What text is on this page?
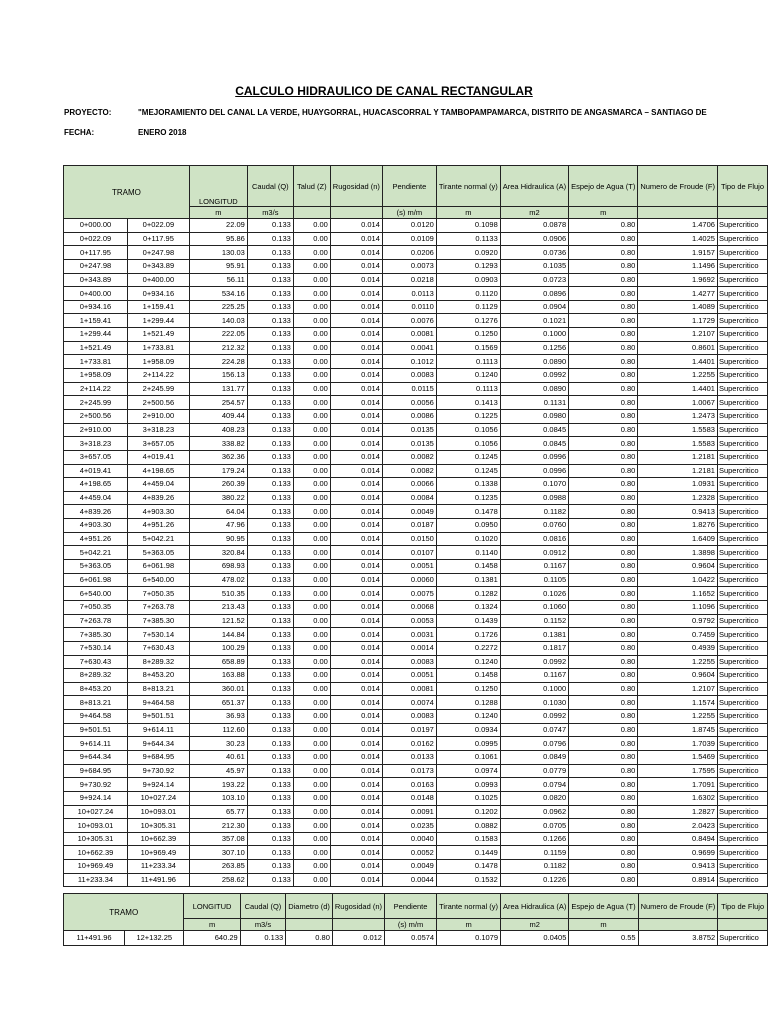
CALCULO HIDRAULICO DE CANAL RECTANGULAR
PROYECTO:	"MEJORAMIENTO DEL CANAL LA VERDE, HUAYGORRAL, HUACASCORRAL Y TAMBOPAMPAMARCA, DISTRITO DE ANGASMARCA – SANTIAGO DE
FECHA:	ENERO 2018
TRAMO		LONGITUD	Caudal (Q)	Talud (Z)	Rugosidad (n)	Pendiente	Tirante normal (y)	Area Hidraulica (A)	Espejo de Agua (T)	Numero de Froude (F)	Tipo de Flujo
		m	m3/s			(s) m/m	m	m2	m		
0+000.00	0+022.09	22.09	0.133	0.00	0.014	0.0120	0.1098	0.0878	0.80	1.4706	Supercritico
0+022.09	0+117.95	95.86	0.133	0.00	0.014	0.0109	0.1133	0.0906	0.80	1.4025	Supercritico
0+117.95	0+247.98	130.03	0.133	0.00	0.014	0.0206	0.0920	0.0736	0.80	1.9157	Supercritico
0+247.98	0+343.89	95.91	0.133	0.00	0.014	0.0073	0.1293	0.1035	0.80	1.1496	Supercritico
0+343.89	0+400.00	56.11	0.133	0.00	0.014	0.0218	0.0903	0.0723	0.80	1.9692	Supercritico
0+400.00	0+934.16	534.16	0.133	0.00	0.014	0.0113	0.1120	0.0896	0.80	1.4277	Supercritico
0+934.16	1+159.41	225.25	0.133	0.00	0.014	0.0110	0.1129	0.0904	0.80	1.4089	Supercritico
1+159.41	1+299.44	140.03	0.133	0.00	0.014	0.0076	0.1276	0.1021	0.80	1.1729	Supercritico
1+299.44	1+521.49	222.05	0.133	0.00	0.014	0.0081	0.1250	0.1000	0.80	1.2107	Supercritico
1+521.49	1+733.81	212.32	0.133	0.00	0.014	0.0041	0.1569	0.1256	0.80	0.8601	Supercritico
1+733.81	1+958.09	224.28	0.133	0.00	0.014	0.1012	0.1113	0.0890	0.80	1.4401	Supercritico
1+958.09	2+114.22	156.13	0.133	0.00	0.014	0.0083	0.1240	0.0992	0.80	1.2255	Supercritico
2+114.22	2+245.99	131.77	0.133	0.00	0.014	0.0115	0.1113	0.0890	0.80	1.4401	Supercritico
2+245.99	2+500.56	254.57	0.133	0.00	0.014	0.0056	0.1413	0.1131	0.80	1.0067	Supercritico
2+500.56	2+910.00	409.44	0.133	0.00	0.014	0.0086	0.1225	0.0980	0.80	1.2473	Supercritico
2+910.00	3+318.23	408.23	0.133	0.00	0.014	0.0135	0.1056	0.0845	0.80	1.5583	Supercritico
3+318.23	3+657.05	338.82	0.133	0.00	0.014	0.0135	0.1056	0.0845	0.80	1.5583	Supercritico
3+657.05	4+019.41	362.36	0.133	0.00	0.014	0.0082	0.1245	0.0996	0.80	1.2181	Supercritico
4+019.41	4+198.65	179.24	0.133	0.00	0.014	0.0082	0.1245	0.0996	0.80	1.2181	Supercritico
4+198.65	4+459.04	260.39	0.133	0.00	0.014	0.0066	0.1338	0.1070	0.80	1.0931	Supercritico
4+459.04	4+839.26	380.22	0.133	0.00	0.014	0.0084	0.1235	0.0988	0.80	1.2328	Supercritico
4+839.26	4+903.30	64.04	0.133	0.00	0.014	0.0049	0.1478	0.1182	0.80	0.9413	Supercritico
4+903.30	4+951.26	47.96	0.133	0.00	0.014	0.0187	0.0950	0.0760	0.80	1.8276	Supercritico
4+951.26	5+042.21	90.95	0.133	0.00	0.014	0.0150	0.1020	0.0816	0.80	1.6409	Supercritico
5+042.21	5+363.05	320.84	0.133	0.00	0.014	0.0107	0.1140	0.0912	0.80	1.3898	Supercritico
5+363.05	6+061.98	698.93	0.133	0.00	0.014	0.0051	0.1458	0.1167	0.80	0.9604	Supercritico
6+061.98	6+540.00	478.02	0.133	0.00	0.014	0.0060	0.1381	0.1105	0.80	1.0422	Supercritico
6+540.00	7+050.35	510.35	0.133	0.00	0.014	0.0075	0.1282	0.1026	0.80	1.1652	Supercritico
7+050.35	7+263.78	213.43	0.133	0.00	0.014	0.0068	0.1324	0.1060	0.80	1.1096	Supercritico
7+263.78	7+385.30	121.52	0.133	0.00	0.014	0.0053	0.1439	0.1152	0.80	0.9792	Supercritico
7+385.30	7+530.14	144.84	0.133	0.00	0.014	0.0031	0.1726	0.1381	0.80	0.7459	Supercritico
7+530.14	7+630.43	100.29	0.133	0.00	0.014	0.0014	0.2272	0.1817	0.80	0.4939	Supercritico
7+630.43	8+289.32	658.89	0.133	0.00	0.014	0.0083	0.1240	0.0992	0.80	1.2255	Supercritico
8+289.32	8+453.20	163.88	0.133	0.00	0.014	0.0051	0.1458	0.1167	0.80	0.9604	Supercritico
8+453.20	8+813.21	360.01	0.133	0.00	0.014	0.0081	0.1250	0.1000	0.80	1.2107	Supercritico
8+813.21	9+464.58	651.37	0.133	0.00	0.014	0.0074	0.1288	0.1030	0.80	1.1574	Supercritico
9+464.58	9+501.51	36.93	0.133	0.00	0.014	0.0083	0.1240	0.0992	0.80	1.2255	Supercritico
9+501.51	9+614.11	112.60	0.133	0.00	0.014	0.0197	0.0934	0.0747	0.80	1.8745	Supercritico
9+614.11	9+644.34	30.23	0.133	0.00	0.014	0.0162	0.0995	0.0796	0.80	1.7039	Supercritico
9+644.34	9+684.95	40.61	0.133	0.00	0.014	0.0133	0.1061	0.0849	0.80	1.5469	Supercritico
9+684.95	9+730.92	45.97	0.133	0.00	0.014	0.0173	0.0974	0.0779	0.80	1.7595	Supercritico
9+730.92	9+924.14	193.22	0.133	0.00	0.014	0.0163	0.0993	0.0794	0.80	1.7091	Supercritico
9+924.14	10+027.24	103.10	0.133	0.00	0.014	0.0148	0.1025	0.0820	0.80	1.6302	Supercritico
10+027.24	10+093.01	65.77	0.133	0.00	0.014	0.0091	0.1202	0.0962	0.80	1.2827	Supercritico
10+093.01	10+305.31	212.30	0.133	0.00	0.014	0.0235	0.0882	0.0705	0.80	2.0423	Supercritico
10+305.31	10+662.39	357.08	0.133	0.00	0.014	0.0040	0.1583	0.1266	0.80	0.8494	Supercritico
10+662.39	10+969.49	307.10	0.133	0.00	0.014	0.0052	0.1449	0.1159	0.80	0.9699	Supercritico
10+969.49	11+233.34	263.85	0.133	0.00	0.014	0.0049	0.1478	0.1182	0.80	0.9413	Supercritico
11+233.34	11+491.96	258.62	0.133	0.00	0.014	0.0044	0.1532	0.1226	0.80	0.8914	Supercritico
TRAMO		LONGITUD	Caudal (Q)	Diametro (d)	Rugosidad (n)	Pendiente	Tirante normal (y)	Area Hidraulica (A)	Espejo de Agua (T)	Numero de Froude (F)	Tipo de Flujo
		m	m3/s			(s) m/m	m	m2	m		
11+491.96	12+132.25	640.29	0.133	0.80	0.012	0.0574	0.1079	0.0405	0.55	3.8752	Supercritico
